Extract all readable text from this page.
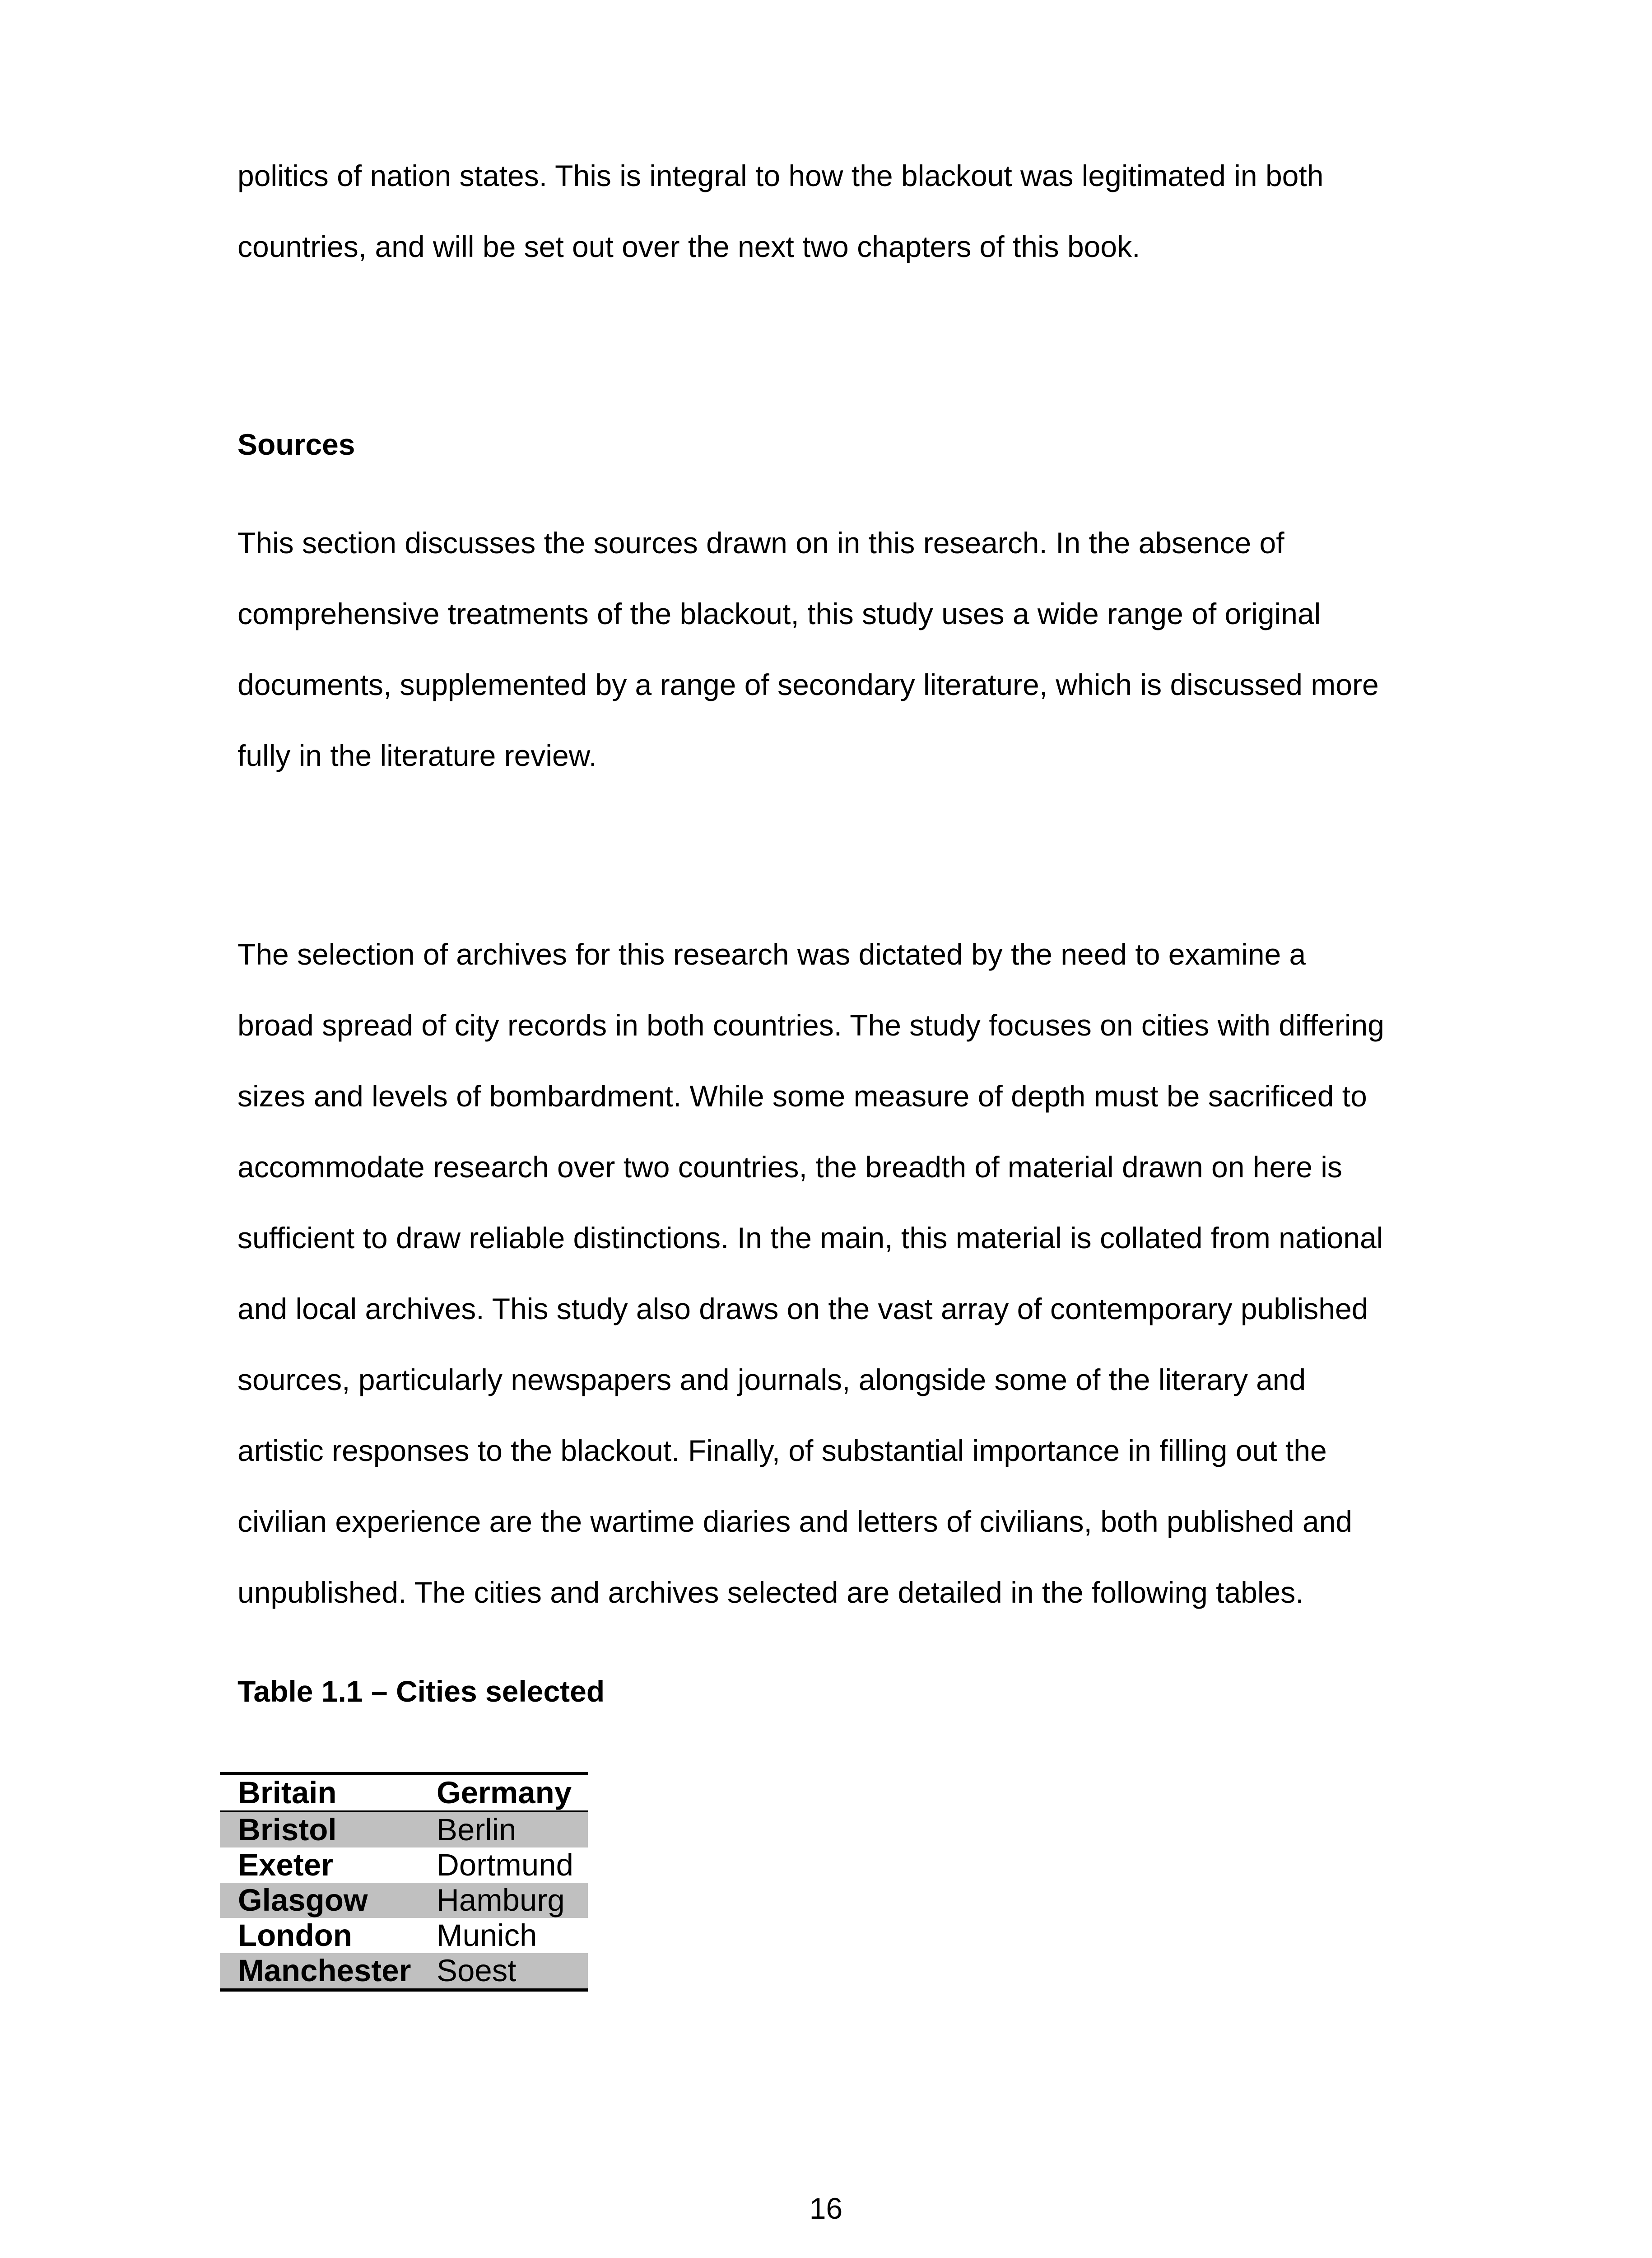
politics of nation states. This is integral to how the blackout was legitimated in both

countries, and will be set out over the next two chapters of this book.

Sources

This section discusses the sources drawn on in this research. In the absence of

comprehensive treatments of the blackout, this study uses a wide range of original

documents, supplemented by a range of secondary literature, which is discussed more

fully in the literature review.

The selection of archives for this research was dictated by the need to examine a

broad spread of city records in both countries. The study focuses on cities with differing

sizes and levels of bombardment. While some measure of depth must be sacrificed to

accommodate research over two countries, the breadth of material drawn on here is

sufficient to draw reliable distinctions. In the main, this material is collated from national

and local archives. This study also draws on the vast array of contemporary published

sources, particularly newspapers and journals, alongside some of the literary and

artistic responses to the blackout. Finally, of substantial importance in filling out the

civilian experience are the wartime diaries and letters of civilians, both published and

unpublished. The cities and archives selected are detailed in the following tables.

Table 1.1 – Cities selected

Britain	Germany
Bristol	Berlin
Exeter	Dortmund
Glasgow	Hamburg
London	Munich
Manchester	Soest
16
